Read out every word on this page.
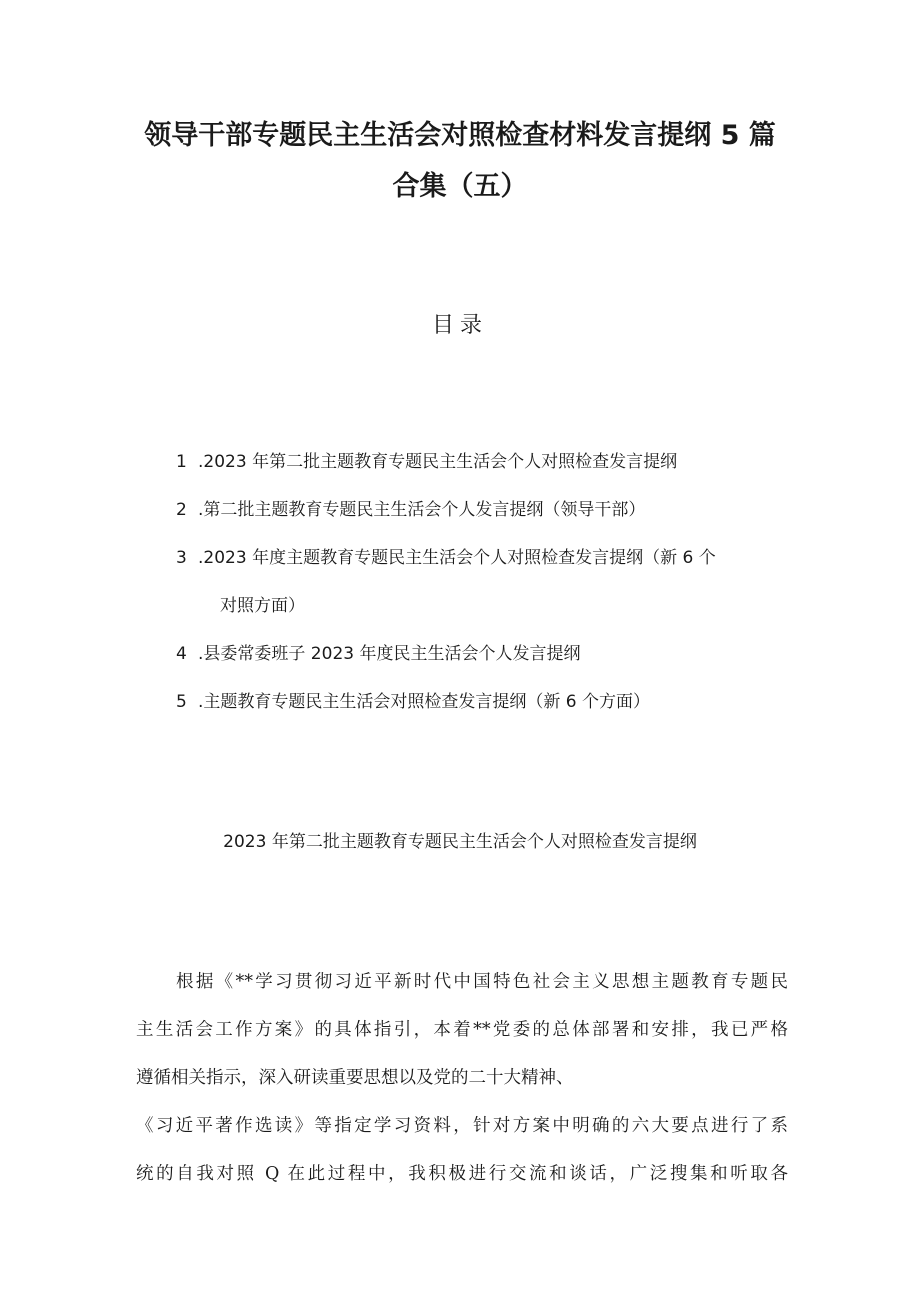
领导干部专题民主生活会对照检查材料发言提纲 5 篇
合集（五）
目录
1 .2023 年第二批主题教育专题民主生活会个人对照检查发言提纲
2 .第二批主题教育专题民主生活会个人发言提纲（领导干部）
3 .2023 年度主题教育专题民主生活会个人对照检查发言提纲（新 6 个
对照方面）
4 .县委常委班子 2023 年度民主生活会个人发言提纲
5 .主题教育专题民主生活会对照检查发言提纲（新 6 个方面）
2023 年第二批主题教育专题民主生活会个人对照检查发言提纲
根据《**学习贯彻习近平新时代中国特色社会主义思想主题教育专题民
主生活会工作方案》的具体指引，本着**党委的总体部署和安排，我已严格
遵循相关指示，深入研读重要思想以及党的二十大精神、
《习近平著作选读》等指定学习资料，针对方案中明确的六大要点进行了系
统的自我对照 Q 在此过程中，我积极进行交流和谈话，广泛搜集和听取各
